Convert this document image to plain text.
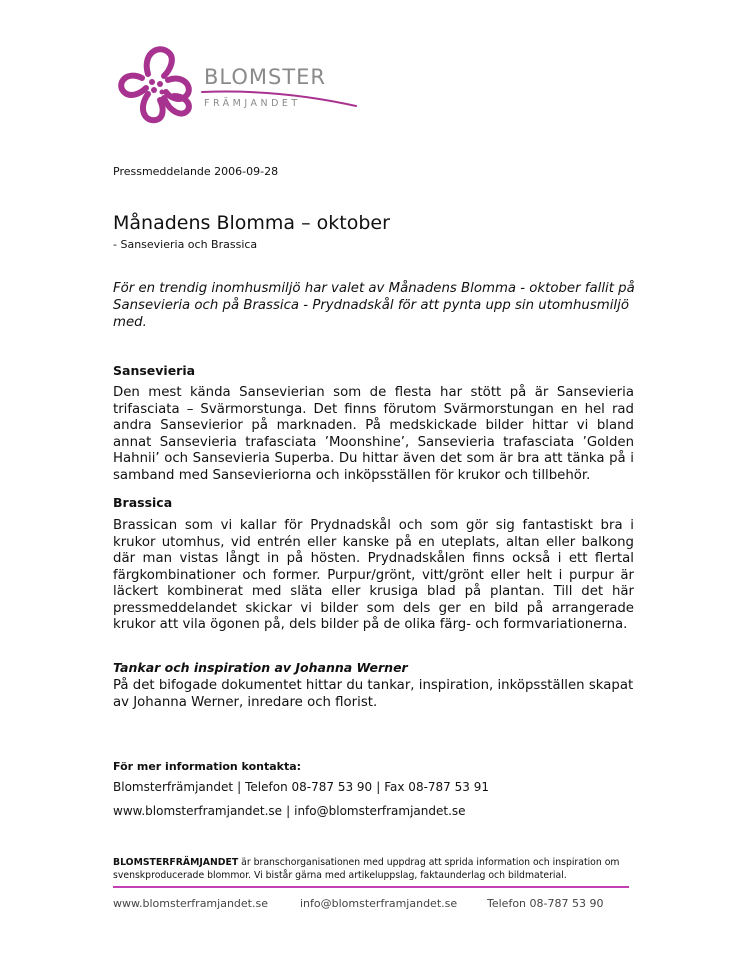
BLOMSTER
FRÄMJANDET
Pressmeddelande 2006-09-28
Månadens Blomma – oktober
- Sansevieria och Brassica

För en trendig inomhusmiljö har valet av Månadens Blomma - oktober fallit på Sansevieria och på Brassica - Prydnadskål för att pynta upp sin utomhusmiljö med.

Sansevieria

Den mest kända Sansevierian som de flesta har stött på är Sansevieria trifasciata – Svärmorstunga. Det finns förutom Svärmorstungan en hel rad andra Sansevierior på marknaden. På medskickade bilder hittar vi bland annat Sansevieria trafasciata ’Moonshine’, Sansevieria trafasciata ’Golden Hahnii’ och Sansevieria Superba. Du hittar även det som är bra att tänka på i samband med Sansevieriorna och inköpsställen för krukor och tillbehör.

Brassica

Brassican som vi kallar för Prydnadskål och som gör sig fantastiskt bra i krukor utomhus, vid entrén eller kanske på en uteplats, altan eller balkong där man vistas långt in på hösten. Prydnadskålen finns också i ett flertal färgkombinationer och former. Purpur/grönt, vitt/grönt eller helt i purpur är läckert kombinerat med släta eller krusiga blad på plantan. Till det här pressmeddelandet skickar vi bilder som dels ger en bild på arrangerade krukor att vila ögonen på, dels bilder på de olika färg- och formvariationerna.

Tankar och inspiration av Johanna Werner

På det bifogade dokumentet hittar du tankar, inspiration, inköpsställen skapat av Johanna Werner, inredare och florist.

För mer information kontakta:
Blomsterfrämjandet | Telefon 08-787 53 90 | Fax 08-787 53 91
www.blomsterframjandet.se | info@blomsterframjandet.se

BLOMSTERFRÄMJANDET är branschorganisationen med uppdrag att sprida information och inspiration om svenskproducerade blommor. Vi bistår gärna med artikeluppslag, faktaunderlag och bildmaterial.

www.blomsterframjandet.se	info@blomsterframjandet.se	Telefon 08-787 53 90
